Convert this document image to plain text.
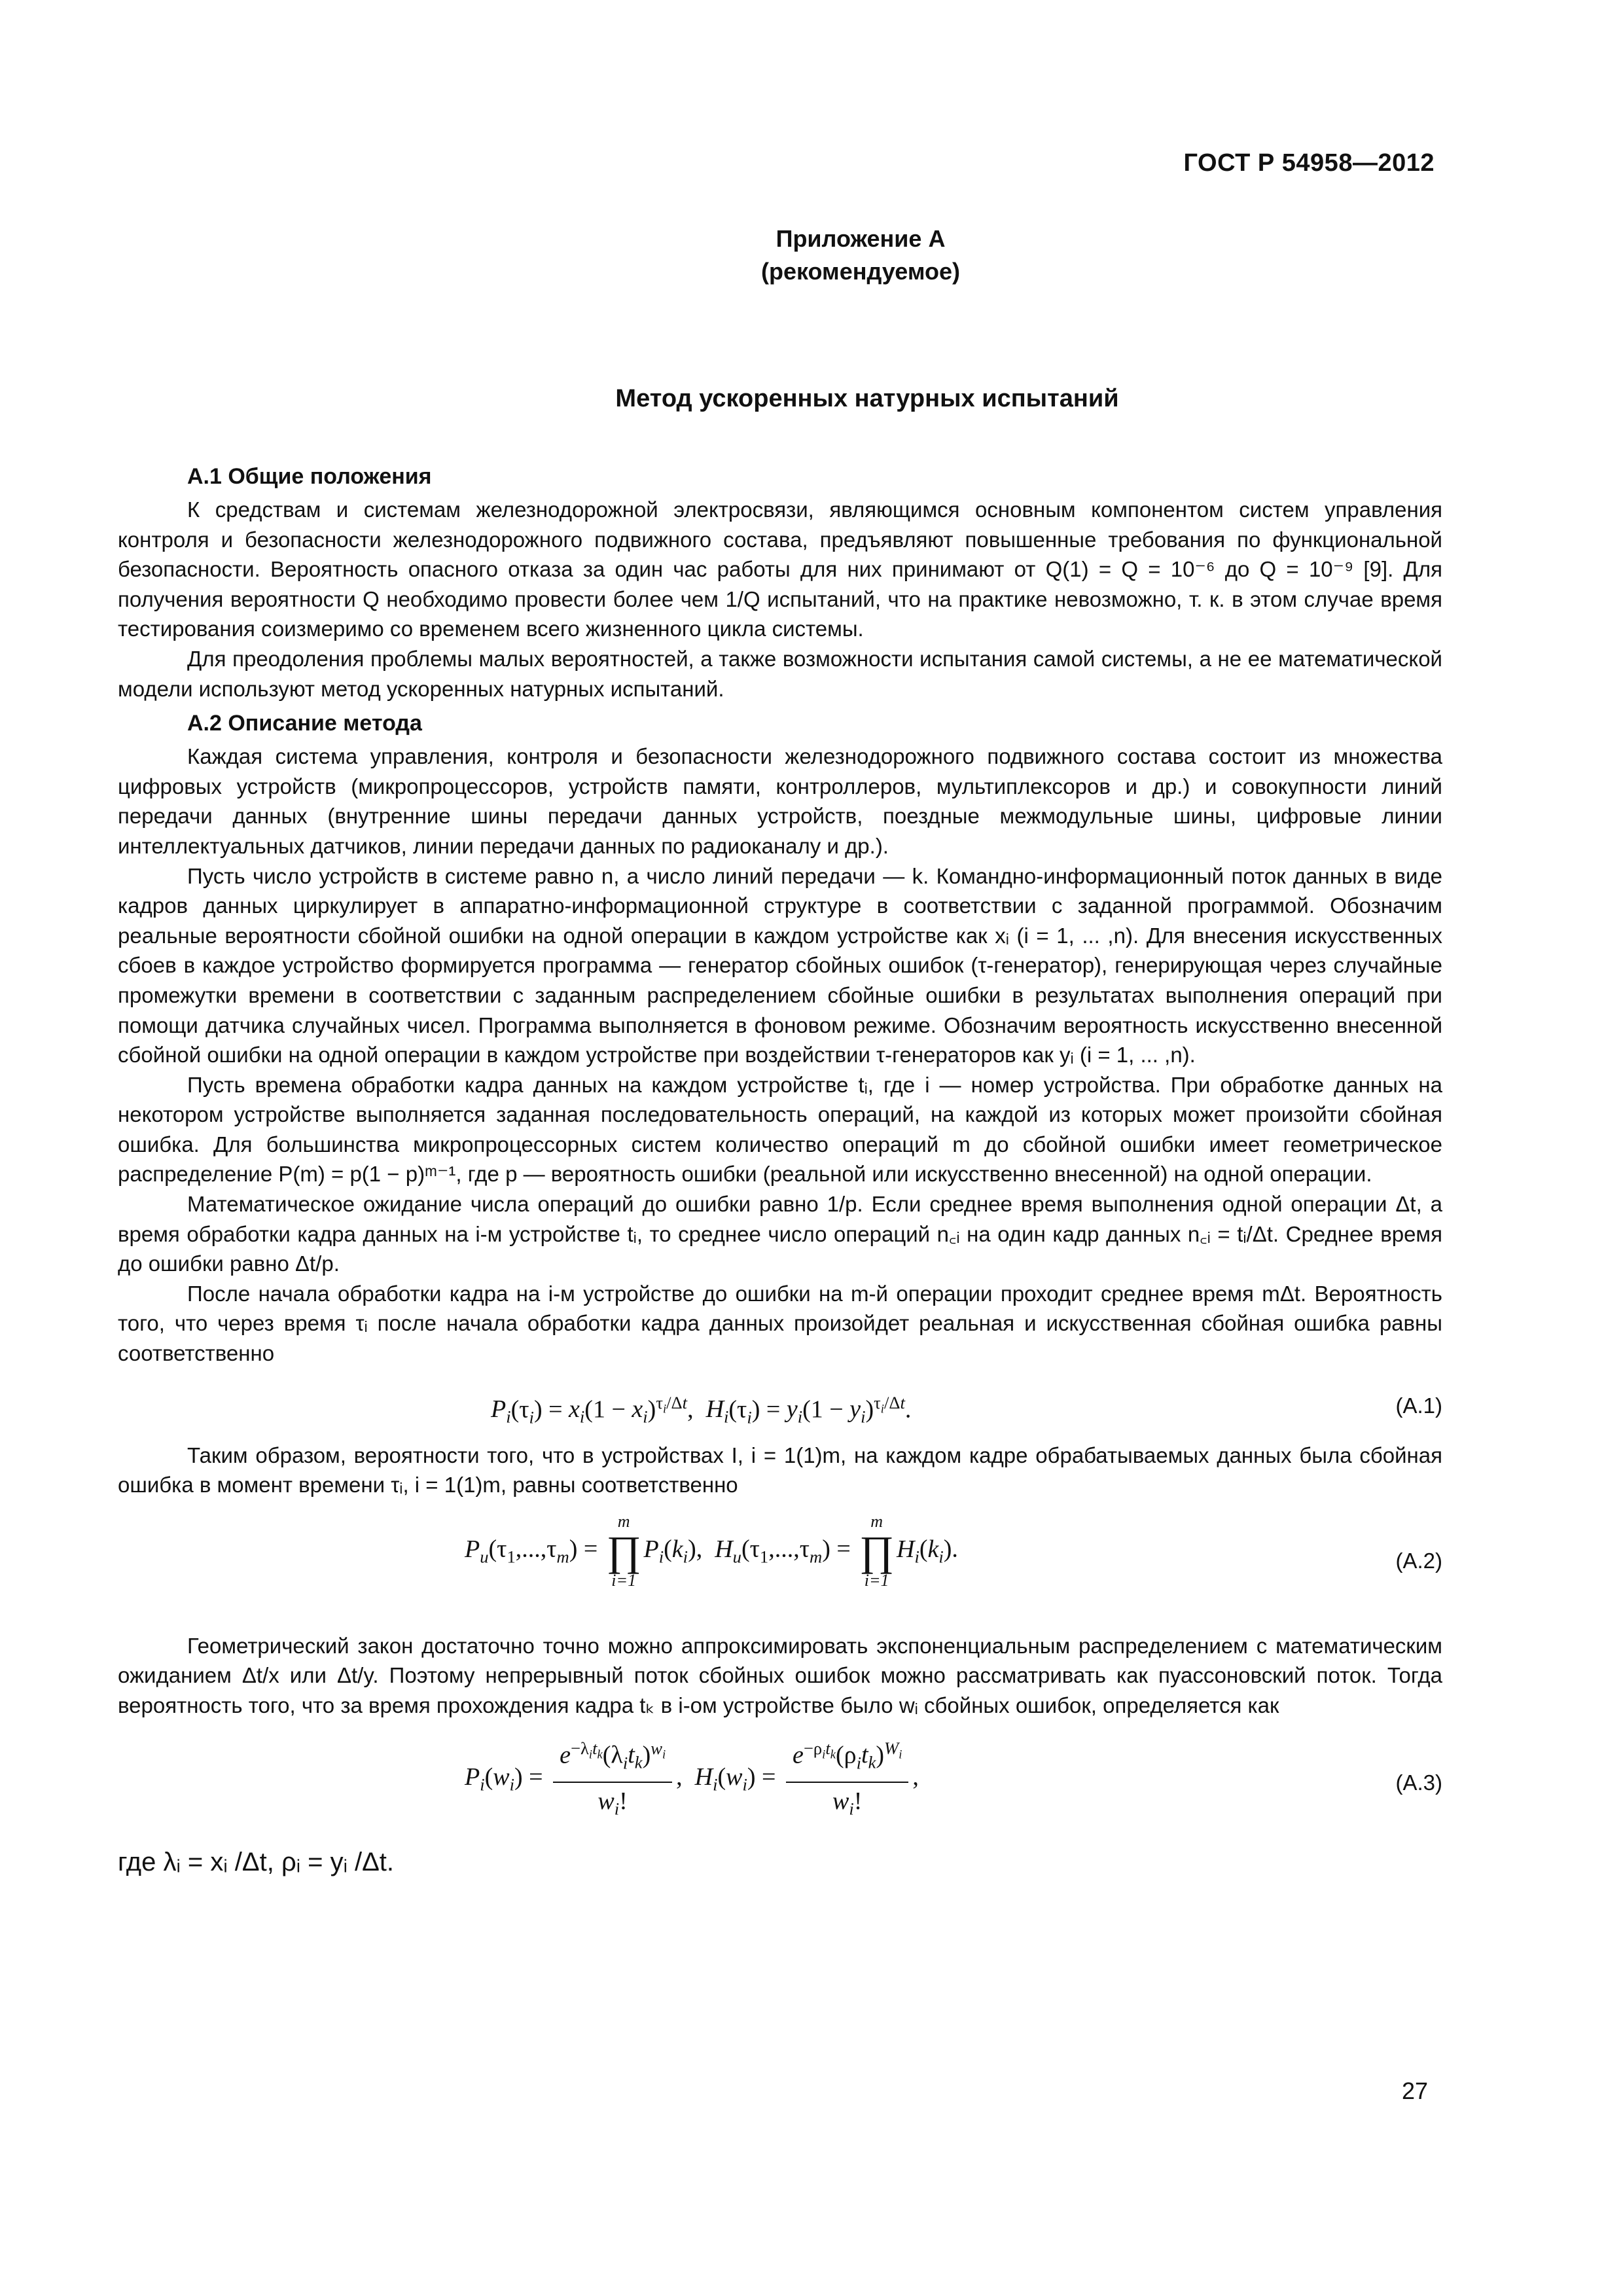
ГОСТ Р 54958—2012
Приложение А
(рекомендуемое)
Метод ускоренных натурных испытаний
А.1 Общие положения

К средствам и системам железнодорожной электросвязи, являющимся основным компонентом систем управления контроля и безопасности железнодорожного подвижного состава, предъявляют повышенные требования по функциональной безопасности. Вероятность опасного отказа за один час работы для них принимают от Q(1) = Q = 10⁻⁶ до Q = 10⁻⁹ [9]. Для получения вероятности Q необходимо провести более чем 1/Q испытаний, что на практике невозможно, т. к. в этом случае время тестирования соизмеримо со временем всего жизненного цикла системы.

Для преодоления проблемы малых вероятностей, а также возможности испытания самой системы, а не ее математической модели используют метод ускоренных натурных испытаний.

А.2 Описание метода

Каждая система управления, контроля и безопасности железнодорожного подвижного состава состоит из множества цифровых устройств (микропроцессоров, устройств памяти, контроллеров, мультиплексоров и др.) и совокупности линий передачи данных (внутренние шины передачи данных устройств, поездные межмодульные шины, цифровые линии интеллектуальных датчиков, линии передачи данных по радиоканалу и др.).

Пусть число устройств в системе равно n, а число линий передачи — k. Командно-информационный поток данных в виде кадров данных циркулирует в аппаратно-информационной структуре в соответствии с заданной программой. Обозначим реальные вероятности сбойной ошибки на одной операции в каждом устройстве как xᵢ (i = 1, ... ,n). Для внесения искусственных сбоев в каждое устройство формируется программа — генератор сбойных ошибок (τ-генератор), генерирующая через случайные промежутки времени в соответствии с заданным распределением сбойные ошибки в результатах выполнения операций при помощи датчика случайных чисел. Программа выполняется в фоновом режиме. Обозначим вероятность искусственно внесенной сбойной ошибки на одной операции в каждом устройстве при воздействии τ-генераторов как yᵢ (i = 1, ... ,n).

Пусть времена обработки кадра данных на каждом устройстве tᵢ, где i — номер устройства. При обработке данных на некотором устройстве выполняется заданная последовательность операций, на каждой из которых может произойти сбойная ошибка. Для большинства микропроцессорных систем количество операций m до сбойной ошибки имеет геометрическое распределение P(m) = p(1 − p)ᵐ⁻¹, где p — вероятность ошибки (реальной или искусственно внесенной) на одной операции.

Математическое ожидание числа операций до ошибки равно 1/p. Если среднее время выполнения одной операции Δt, а время обработки кадра данных на i-м устройстве tᵢ, то среднее число операций n꜀ᵢ на один кадр данных n꜀ᵢ = tᵢ/Δt. Среднее время до ошибки равно Δt/p.

После начала обработки кадра на i-м устройстве до ошибки на m-й операции проходит среднее время mΔt. Вероятность того, что через время τᵢ после начала обработки кадра данных произойдет реальная и искусственная сбойная ошибка равны соответственно

$P_i(\tau_i) = x_i(1 - x_i)^{\tau_i/\Delta t}$,  $H_i(\tau_i) = y_i(1 - y_i)^{\tau_i/\Delta t}$.	(А.1)

Таким образом, вероятности того, что в устройствах I, i = 1(1)m, на каждом кадре обрабатываемых данных была сбойная ошибка в момент времени τᵢ, i = 1(1)m, равны соответственно

$P_u(\tau_1,...,\tau_m)$ =
m
∏
i=1
$P_i(k_i)$,  $H_u(\tau_1,...,\tau_m)$ =
m
∏
i=1
$H_i(k_i)$.	(А.2)

Геометрический закон достаточно точно можно аппроксимировать экспоненциальным распределением с математическим ожиданием Δt/x или Δt/y. Поэтому непрерывный поток сбойных ошибок можно рассматривать как пуассоновский поток. Тогда вероятность того, что за время прохождения кадра tₖ в i-ом устройстве было wᵢ сбойных ошибок, определяется как

$P_i(w_i) = \frac{e^{-\lambda_it_k}(\lambda_it_k)^{w_i}}{w_i!}$ ,  $H_i(w_i) = \frac{e^{-\rho_it_k}(\rho_it_k)^{W_i}}{w_i!}$ ,	(А.3)
где λᵢ = xᵢ /Δt, ρᵢ = yᵢ /Δt.
27
